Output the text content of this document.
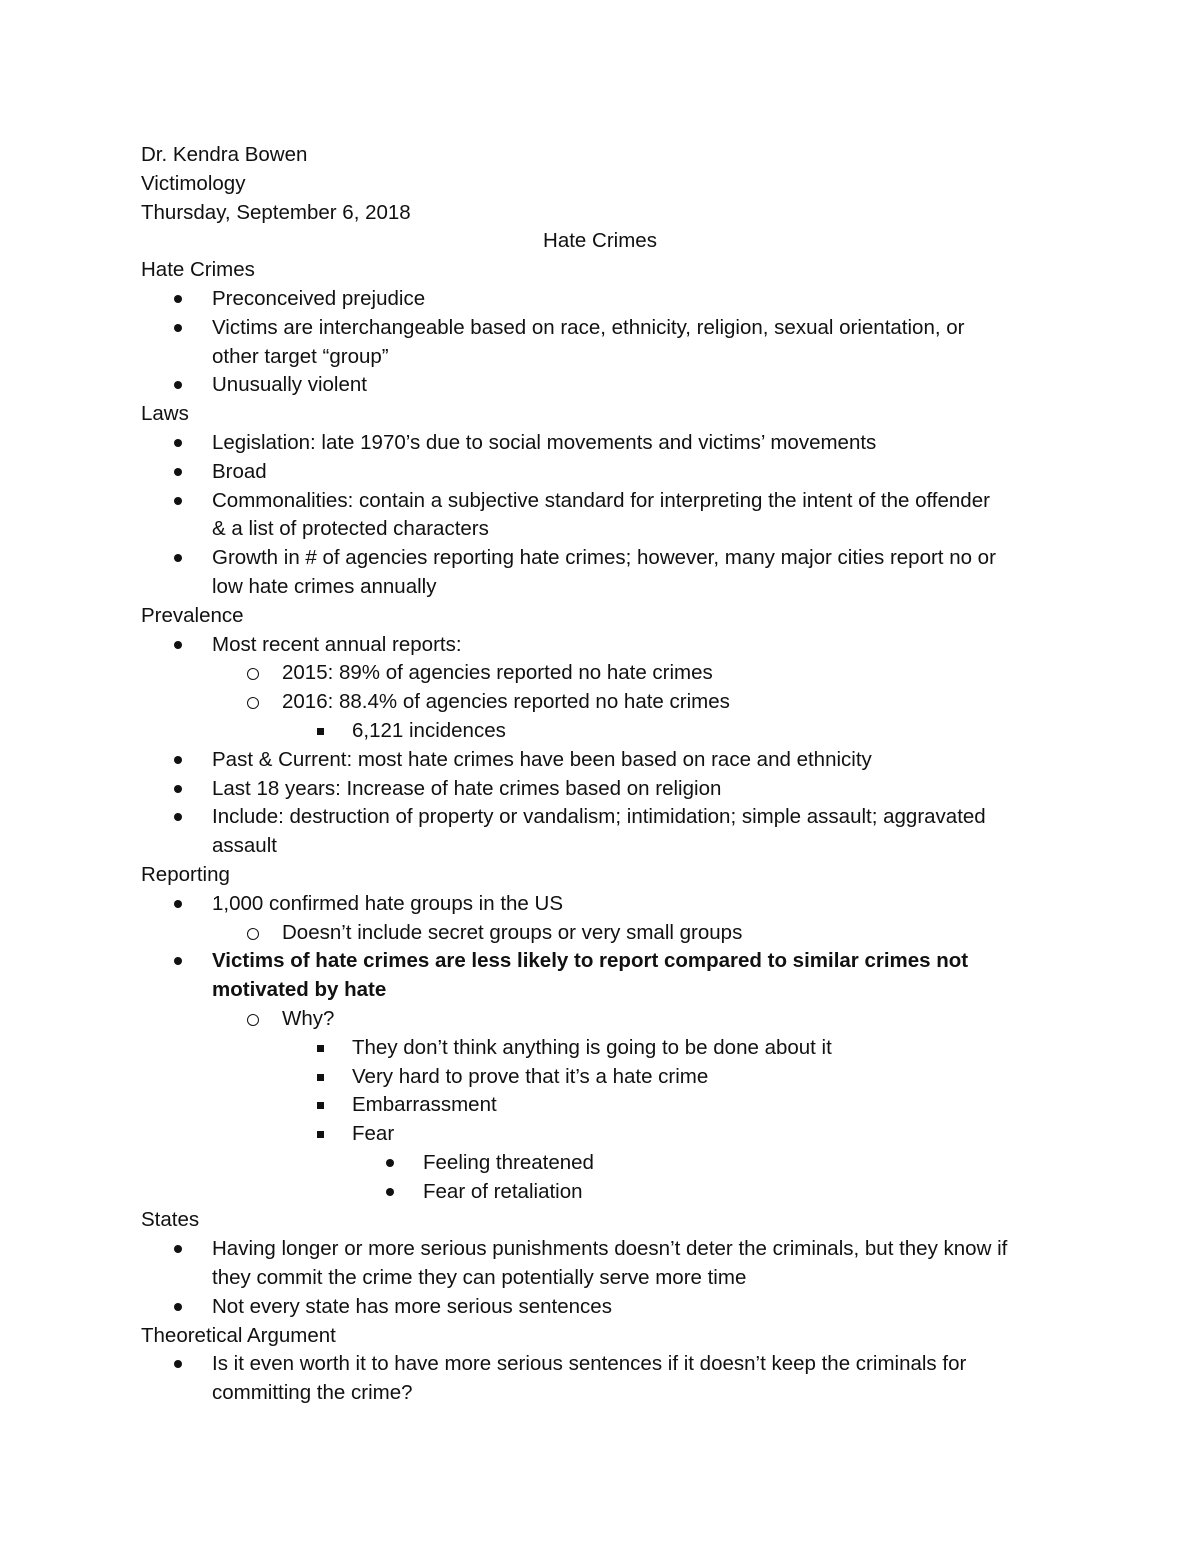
Dr. Kendra Bowen
Victimology
Thursday, September 6, 2018
Hate Crimes
Hate Crimes
Preconceived prejudice
Victims are interchangeable based on race, ethnicity, religion, sexual orientation, or
other target “group”
Unusually violent
Laws
Legislation: late 1970’s due to social movements and victims’ movements
Broad
Commonalities: contain a subjective standard for interpreting the intent of the offender
& a list of protected characters
Growth in # of agencies reporting hate crimes; however, many major cities report no or
low hate crimes annually
Prevalence
Most recent annual reports:
2015: 89% of agencies reported no hate crimes
2016: 88.4% of agencies reported no hate crimes
6,121 incidences
Past & Current: most hate crimes have been based on race and ethnicity
Last 18 years: Increase of hate crimes based on religion
Include: destruction of property or vandalism; intimidation; simple assault; aggravated
assault
Reporting
1,000 confirmed hate groups in the US
Doesn’t include secret groups or very small groups
Victims of hate crimes are less likely to report compared to similar crimes not
motivated by hate
Why?
They don’t think anything is going to be done about it
Very hard to prove that it’s a hate crime
Embarrassment
Fear
Feeling threatened
Fear of retaliation
States
Having longer or more serious punishments doesn’t deter the criminals, but they know if
they commit the crime they can potentially serve more time
Not every state has more serious sentences
Theoretical Argument
Is it even worth it to have more serious sentences if it doesn’t keep the criminals for
committing the crime?
